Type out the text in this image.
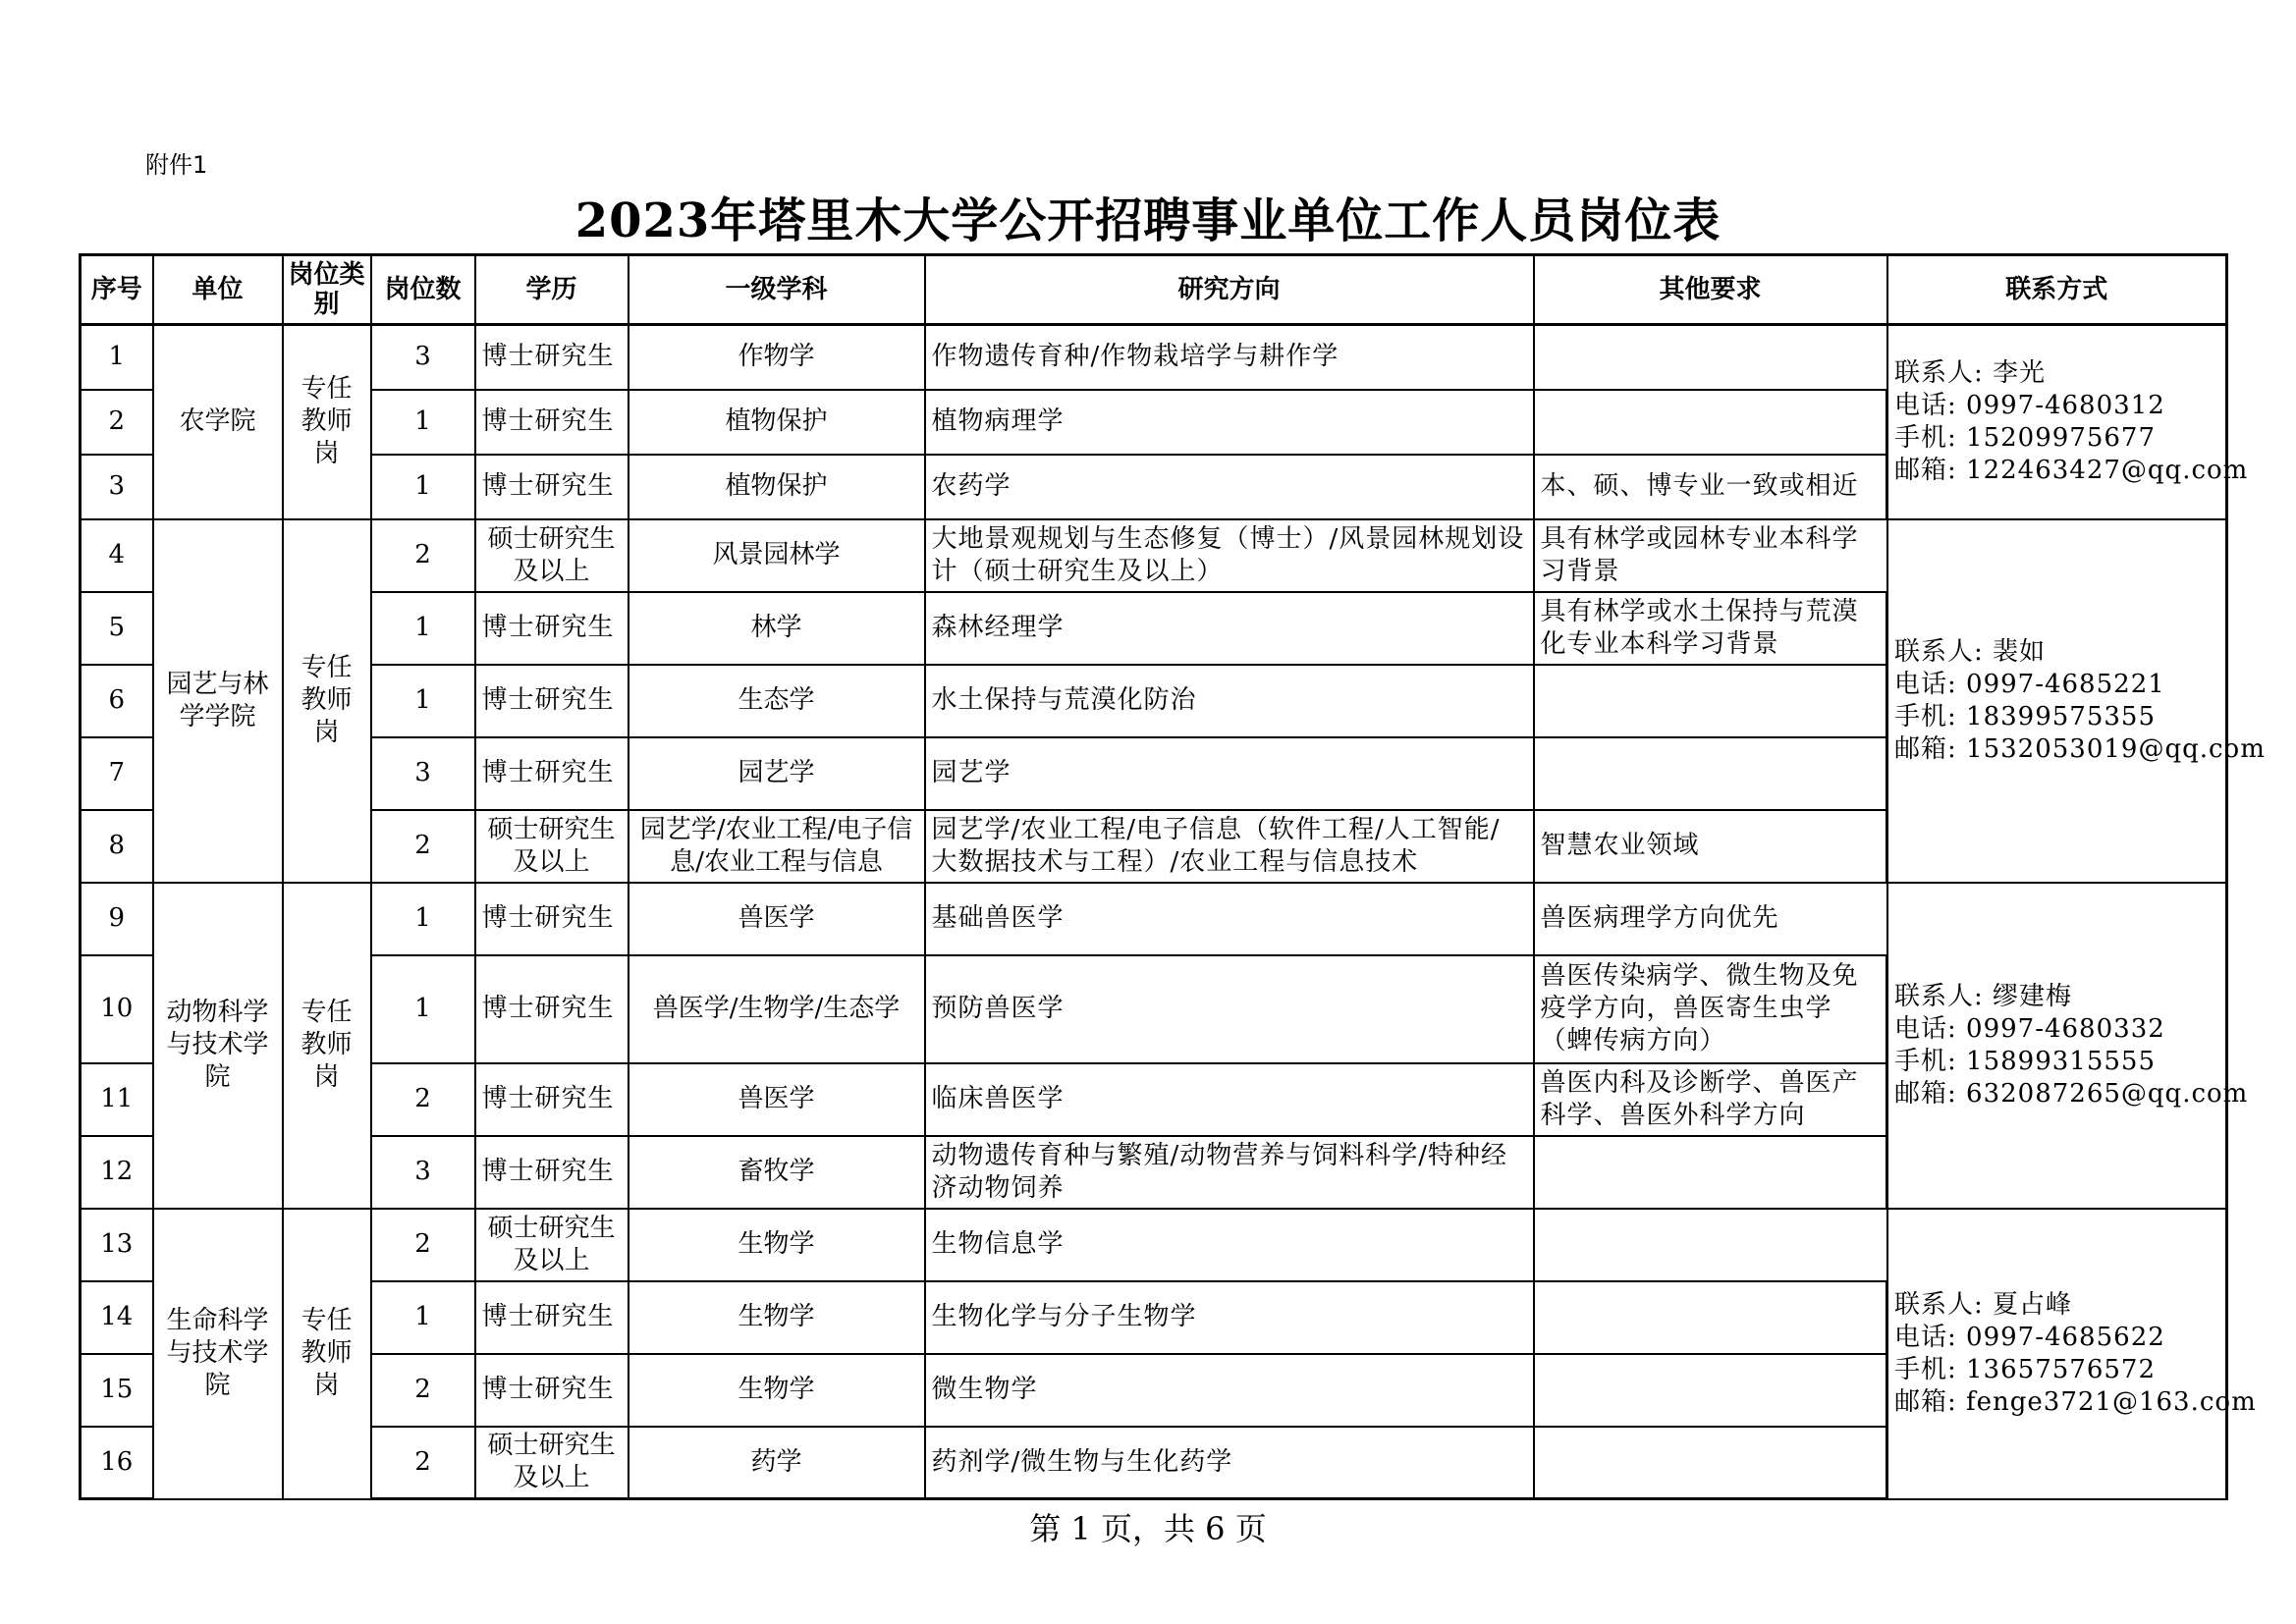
附件1
2023年塔里木大学公开招聘事业单位工作人员岗位表
序号	单位	岗位类别	岗位数	学历	一级学科	研究方向	其他要求	联系方式
1	农学院	专任教师岗	3	博士研究生	作物学	作物遗传育种/作物栽培学与耕作学		联系人: 李光
电话: 0997-4680312
手机: 15209975677
邮箱: 122463427@qq.com

2			1	博士研究生	植物保护	植物病理学		
3			1	博士研究生	植物保护	农药学	本、硕、博专业一致或相近	
4	园艺与林学学院	专任教师岗	2	硕士研究生及以上	风景园林学	大地景观规划与生态修复（博士）/风景园林规划设计（硕士研究生及以上）	具有林学或园林专业本科学习背景	联系人: 裴如
电话: 0997-4685221
手机: 18399575355
邮箱: 1532053019@qq.com

5			1	博士研究生	林学	森林经理学	具有林学或水土保持与荒漠化专业本科学习背景	
6			1	博士研究生	生态学	水土保持与荒漠化防治		
7			3	博士研究生	园艺学	园艺学		
8			2	硕士研究生及以上	园艺学/农业工程/电子信息/农业工程与信息	园艺学/农业工程/电子信息（软件工程/人工智能/大数据技术与工程）/农业工程与信息技术	智慧农业领域	
9	动物科学与技术学院	专任教师岗	1	博士研究生	兽医学	基础兽医学	兽医病理学方向优先	联系人: 缪建梅
电话: 0997-4680332
手机: 15899315555
邮箱: 632087265@qq.com

10			1	博士研究生	兽医学/生物学/生态学	预防兽医学	兽医传染病学、微生物及免疫学方向，兽医寄生虫学（蜱传病方向）	
11			2	博士研究生	兽医学	临床兽医学	兽医内科及诊断学、兽医产科学、兽医外科学方向	
12			3	博士研究生	畜牧学	动物遗传育种与繁殖/动物营养与饲料科学/特种经济动物饲养		
13	生命科学与技术学院	专任教师岗	2	硕士研究生及以上	生物学	生物信息学		联系人: 夏占峰
电话: 0997-4685622
手机: 13657576572
邮箱: fenge3721@163.com

14			1	博士研究生	生物学	生物化学与分子生物学		
15			2	博士研究生	生物学	微生物学		
16			2	硕士研究生及以上	药学	药剂学/微生物与生化药学		
第 1 页，共 6 页
